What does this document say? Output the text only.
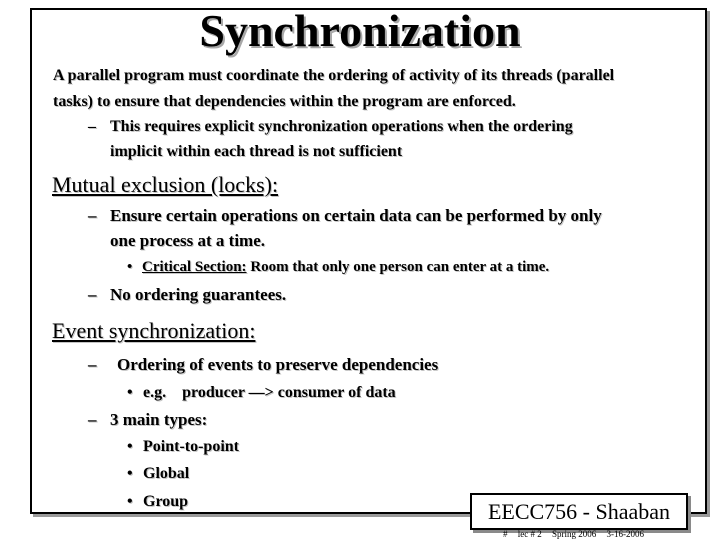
Synchronization
A parallel program must coordinate the ordering of activity of its threads (parallel
tasks) to ensure that dependencies within the program are enforced.
– This requires explicit synchronization operations when the ordering
implicit within each thread is not sufficient
Mutual exclusion (locks):
– Ensure certain operations on certain data can be performed by only
one process at a time.
• Critical Section: Room that only one person can enter at a time.
– No ordering guarantees.
Event synchronization:
– Ordering of events to preserve dependencies
• e.g.    producer —> consumer of data
– 3 main types:
• Point-to-point
• Global
• Group	EECC756 - Shaaban
# lec # 2 Spring 2006 3-16-2006
